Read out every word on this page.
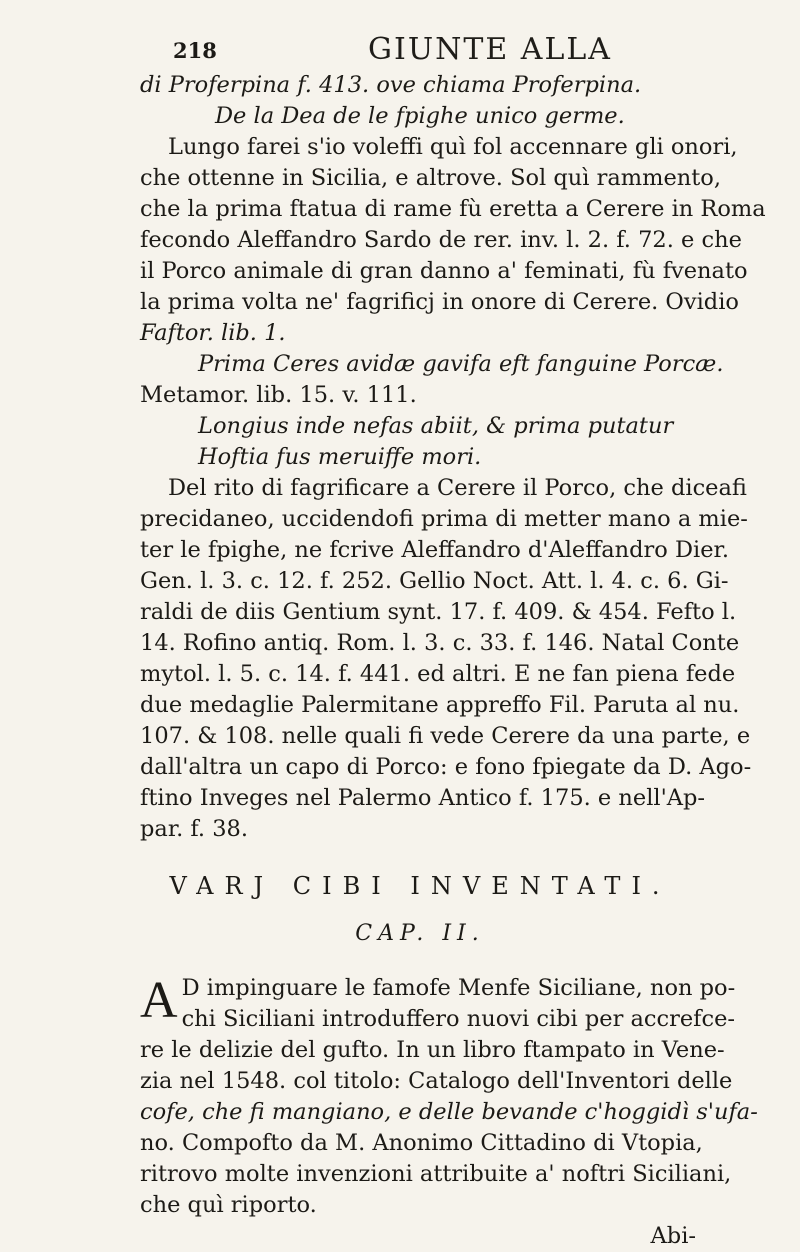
218	GIUNTE ALLA
di Proferpina f. 413. ove chiama Proferpina.
De la Dea de le fpighe unico germe.
Lungo farei s'io voleffi quì fol accennare gli onori,
che ottenne in Sicilia, e altrove. Sol quì rammento,
che la prima ftatua di rame fù eretta a Cerere in Roma
fecondo Aleffandro Sardo de rer. inv. l. 2. f. 72. e che
il Porco animale di gran danno a' feminati, fù fvenato
la prima volta ne' fagrificj in onore di Cerere. Ovidio
Faftor. lib. 1.
Prima Ceres avidæ gavifa eft fanguine Porcæ.
Metamor. lib. 15. v. 111.
Longius inde nefas abiit, & prima putatur
Hoftia fus meruiffe mori.
Del rito di fagrificare a Cerere il Porco, che diceafi
precidaneo, uccidendofi prima di metter mano a mie-
ter le fpighe, ne fcrive Aleffandro d'Aleffandro Dier.
Gen. l. 3. c. 12. f. 252. Gellio Noct. Att. l. 4. c. 6. Gi-
raldi de diis Gentium synt. 17. f. 409. & 454. Fefto l.
14. Rofino antiq. Rom. l. 3. c. 33. f. 146. Natal Conte
mytol. l. 5. c. 14. f. 441. ed altri. E ne fan piena fede
due medaglie Palermitane appreffo Fil. Paruta al nu.
107. & 108. nelle quali fi vede Cerere da una parte, e
dall'altra un capo di Porco: e fono fpiegate da D. Ago-
ftino Inveges nel Palermo Antico f. 175. e nell'Ap-
par. f. 38.
VARJ CIBI INVENTATI.
CAP. II.
A D impinguare le famofe Menfe Siciliane, non po-
chi Siciliani introduffero nuovi cibi per accrefce-
re le delizie del gufto. In un libro ftampato in Vene-
zia nel 1548. col titolo: Catalogo dell'Inventori delle
cofe, che fi mangiano, e delle bevande c'hoggidì s'ufa-
no. Compofto da M. Anonimo Cittadino di Vtopia,
ritrovo molte invenzioni attribuite a' noftri Siciliani,
che quì riporto.
Abi-
